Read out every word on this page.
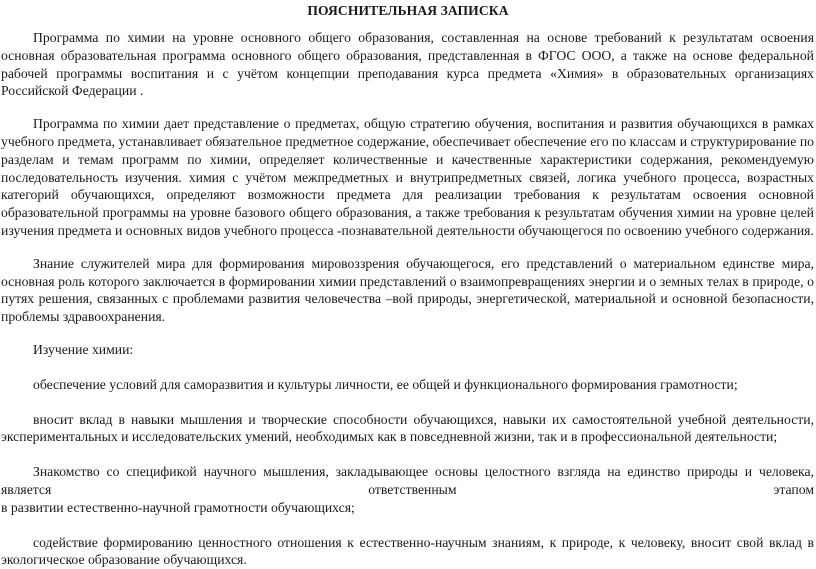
ПОЯСНИТЕЛЬНАЯ ЗАПИСКА

Программа по химии на уровне основного общего образования, составленная на основе требований к результатам освоения основная образовательная программа основного общего образования, представленная в ФГОС ООО, а также на основе федеральной рабочей программы воспитания и с учётом концепции преподавания курса предмета «Химия» в образовательных организациях Российской Федерации .

Программа по химии дает представление о предметах, общую стратегию обучения, воспитания и развития обучающихся в рамках учебного предмета, устанавливает обязательное предметное содержание, обеспечивает обеспечение его по классам и структурирование по разделам и темам программ по химии, определяет количественные и качественные характеристики содержания, рекомендуемую последовательность изучения. химия с учётом межпредметных и внутрипредметных связей, логика учебного процесса, возрастных категорий обучающихся, определяют возможности предмета для реализации требования к результатам освоения основной образовательной программы на уровне базового общего образования, а также требования к результатам обучения химии на уровне целей изучения предмета и основных видов учебного процесса -познавательной деятельности обучающегося по освоению учебного содержания.

Знание служителей мира для формирования мировоззрения обучающегося, его представлений о материальном единстве мира, основная роль которого заключается в формировании химии представлений о взаимопревращениях энергии и о земных телах в природе, о путях решения, связанных с проблемами развития человечества –вой природы, энергетической, материальной и основной безопасности, проблемы здравоохранения.

Изучение химии:

обеспечение условий для саморазвития и культуры личности, ее общей и функционального формирования грамотности;

вносит вклад в навыки мышления и творческие способности обучающихся, навыки их самостоятельной учебной деятельности, экспериментальных и исследовательских умений, необходимых как в повседневной жизни, так и в профессиональной деятельности;

Знакомство со спецификой научного мышления, закладывающее основы целостного взгляда на единство природы и человека,

является	ответственным	этапом
в развитии естественно-научной грамотности обучающихся;

содействие формированию ценностного отношения к естественно-научным знаниям, к природе, к человеку, вносит свой вклад в экологическое образование обучающихся.
